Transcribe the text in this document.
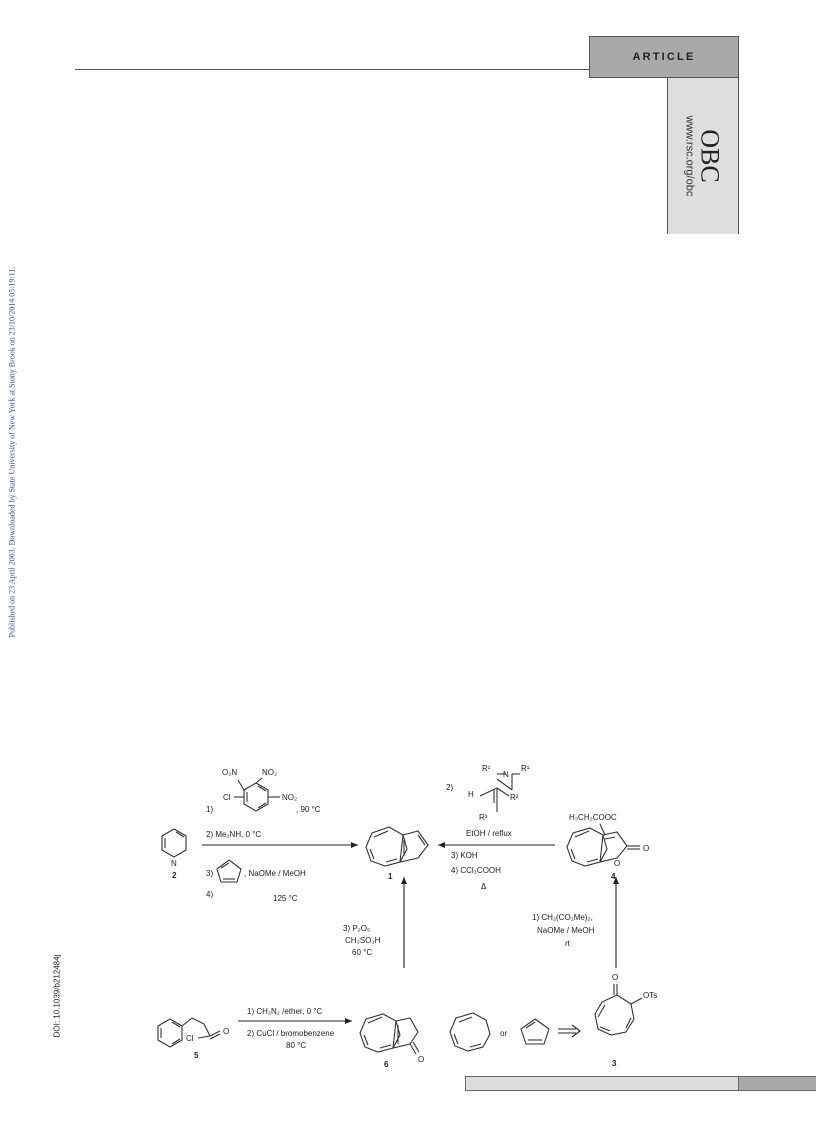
ARTICLE
OBC
www.rsc.org/obc
Published on 23 April 2003. Downloaded by State University of New York at Stony Brook on 23/10/2014 05:19:11.
DOI: 10.1039/b212484j
O₂N
1)
Cl
NO₂
NO₂
, 90 °C
2) Me₂NH, 0 °C
N
3)	, NaOMe / MeOH
4)	125 °C
2)
R¹
N
R¹
H	R²
R³
EtOH / reflux
3) KOH
4) CCl₃COOH
Δ
H₃CH₂COOC
O
O
3) P₂O₅
CH₃SO₃H
60 °C
1) CH₂(CO₂Me)₂,
NaOMe / MeOH
rt
1) CH₂N₂ /ether, 0 °C
2) CuCl / bromobenzene
80 °C
Cl
O
O
or
O
OTs
2	1	4
5
6	3
